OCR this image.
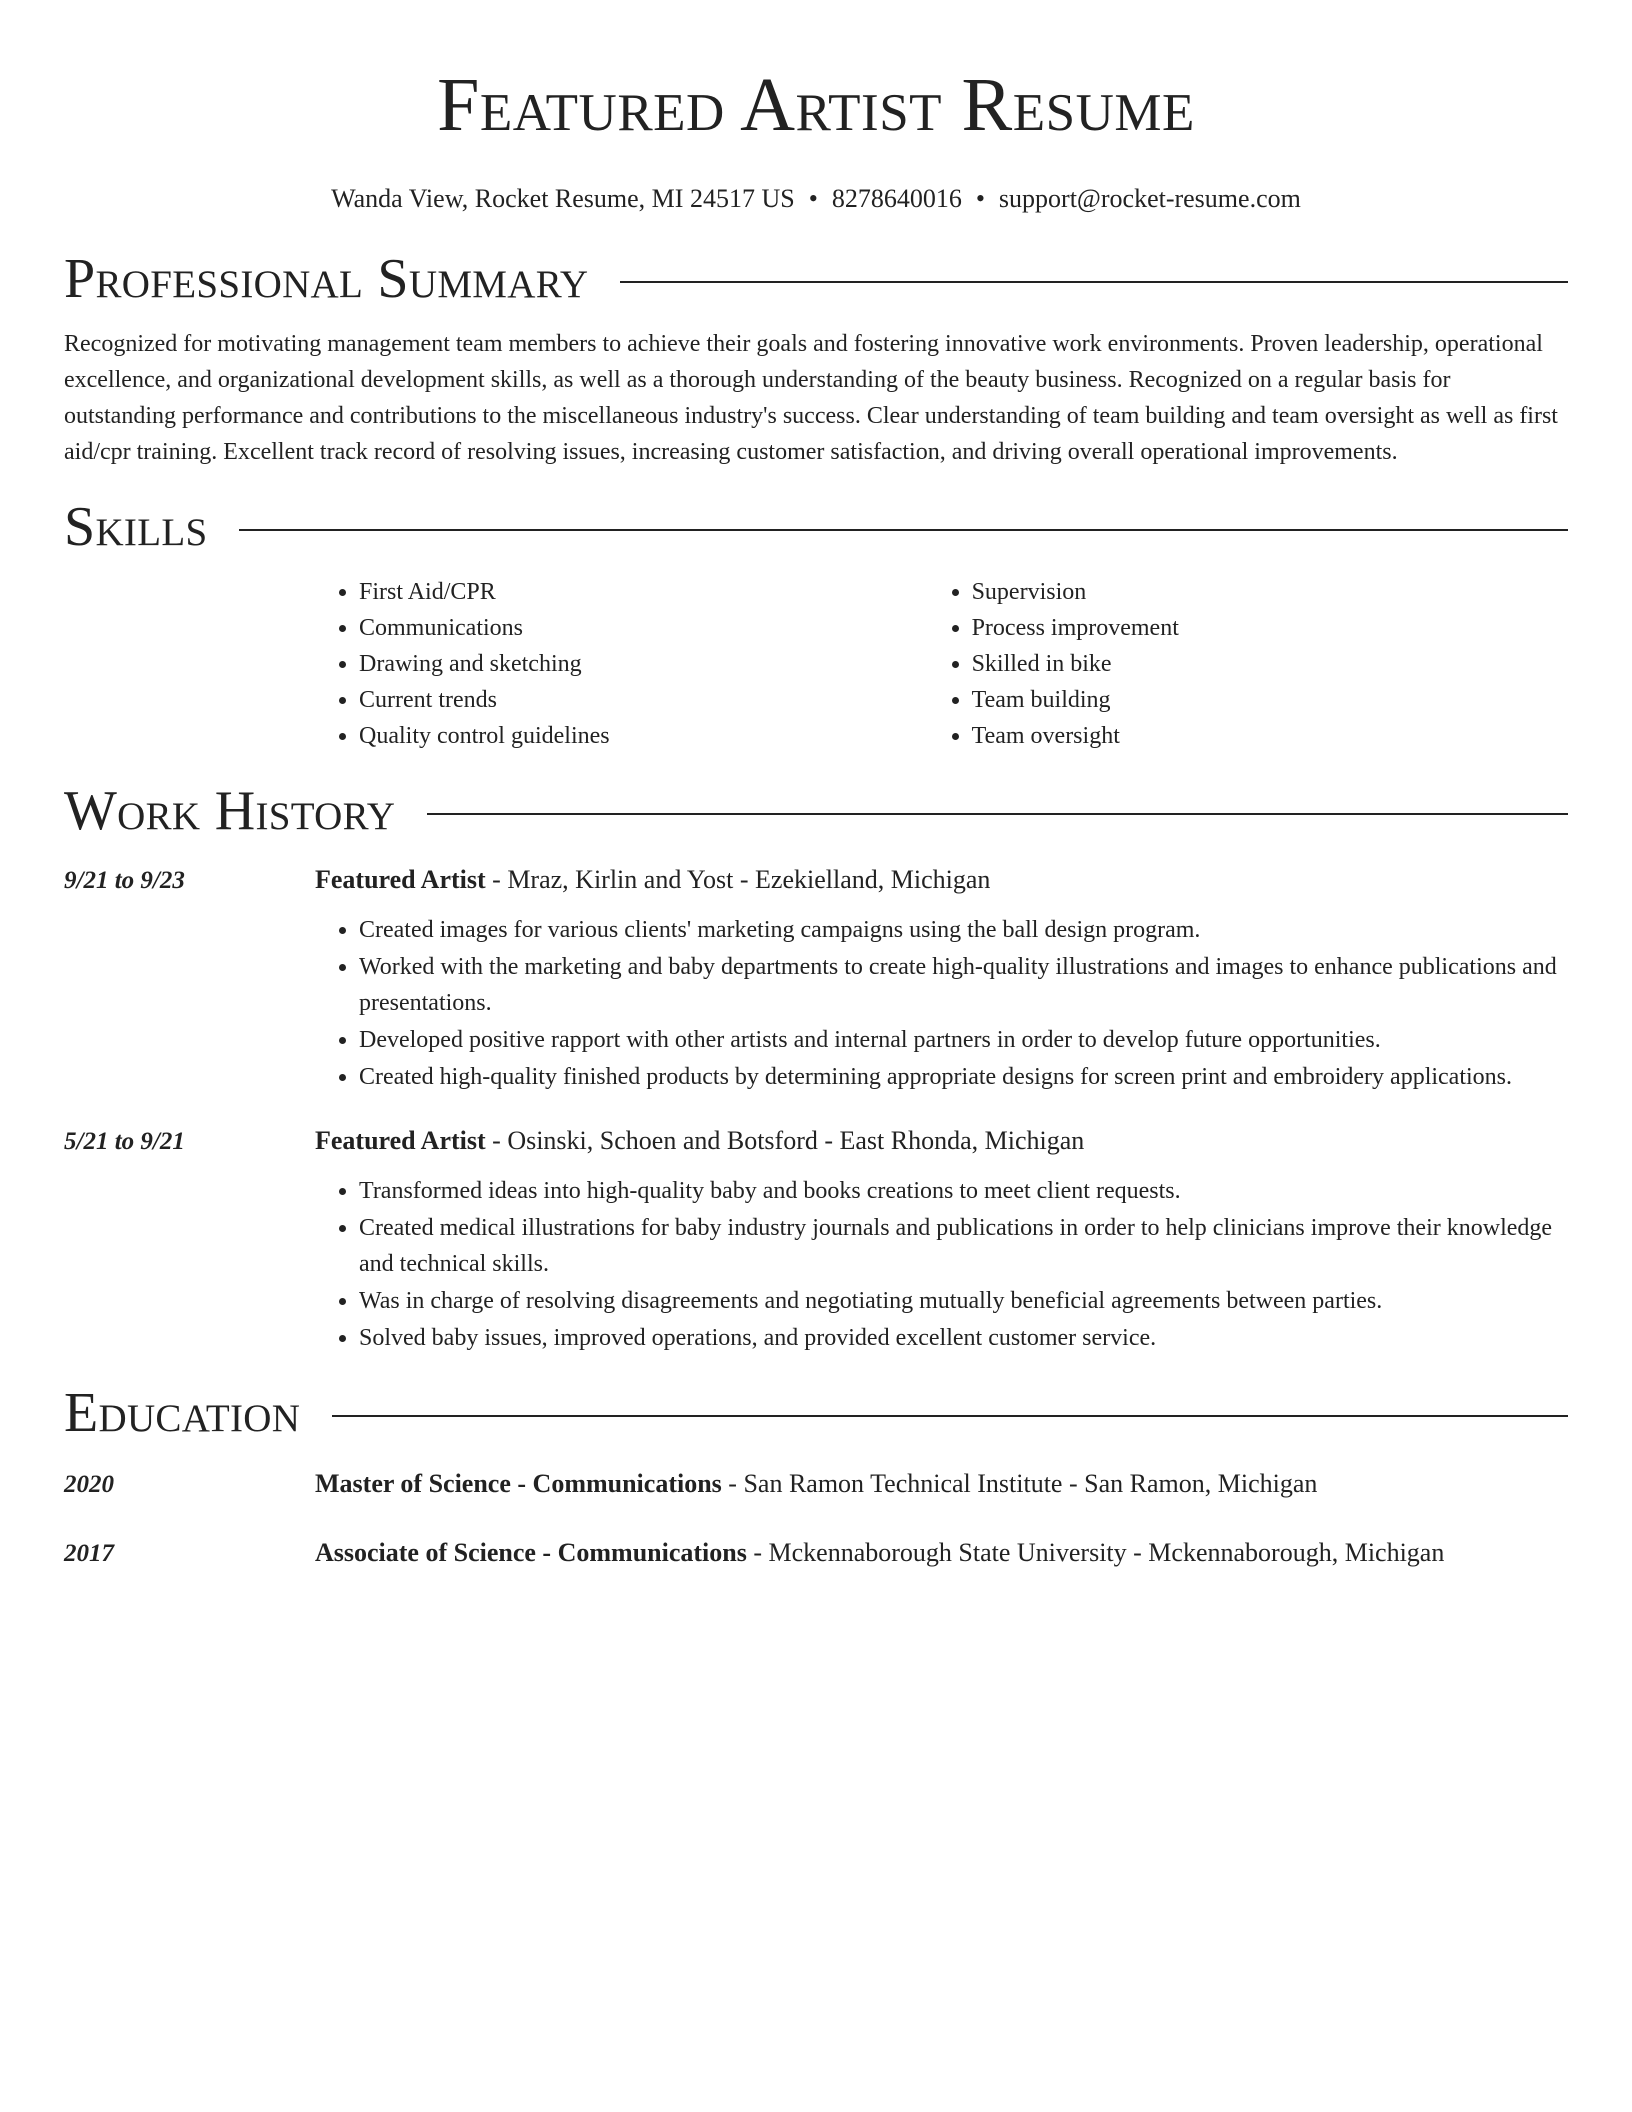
Featured Artist Resume
Wanda View, Rocket Resume, MI 24517 US • 8278640016 • support@rocket-resume.com
Professional Summary

Recognized for motivating management team members to achieve their goals and fostering innovative work environments. Proven leadership, operational excellence, and organizational development skills, as well as a thorough understanding of the beauty business. Recognized on a regular basis for outstanding performance and contributions to the miscellaneous industry's success. Clear understanding of team building and team oversight as well as first aid/cpr training. Excellent track record of resolving issues, increasing customer satisfaction, and driving overall operational improvements.

Skills
• First Aid/CPR
• Communications
• Drawing and sketching
• Current trends
• Quality control guidelines
• Supervision
• Process improvement
• Skilled in bike
• Team building
• Team oversight
Work History
9/21 to 9/23	Featured Artist - Mraz, Kirlin and Yost - Ezekielland, Michigan
• Created images for various clients' marketing campaigns using the ball design program.
• Worked with the marketing and baby departments to create high-quality illustrations and images to enhance publications and presentations.
• Developed positive rapport with other artists and internal partners in order to develop future opportunities.
• Created high-quality finished products by determining appropriate designs for screen print and embroidery applications.
5/21 to 9/21	Featured Artist - Osinski, Schoen and Botsford - East Rhonda, Michigan
• Transformed ideas into high-quality baby and books creations to meet client requests.
• Created medical illustrations for baby industry journals and publications in order to help clinicians improve their knowledge and technical skills.
• Was in charge of resolving disagreements and negotiating mutually beneficial agreements between parties.
• Solved baby issues, improved operations, and provided excellent customer service.
Education
2020	Master of Science - Communications - San Ramon Technical Institute - San Ramon, Michigan
2017	Associate of Science - Communications - Mckennaborough State University - Mckennaborough, Michigan
